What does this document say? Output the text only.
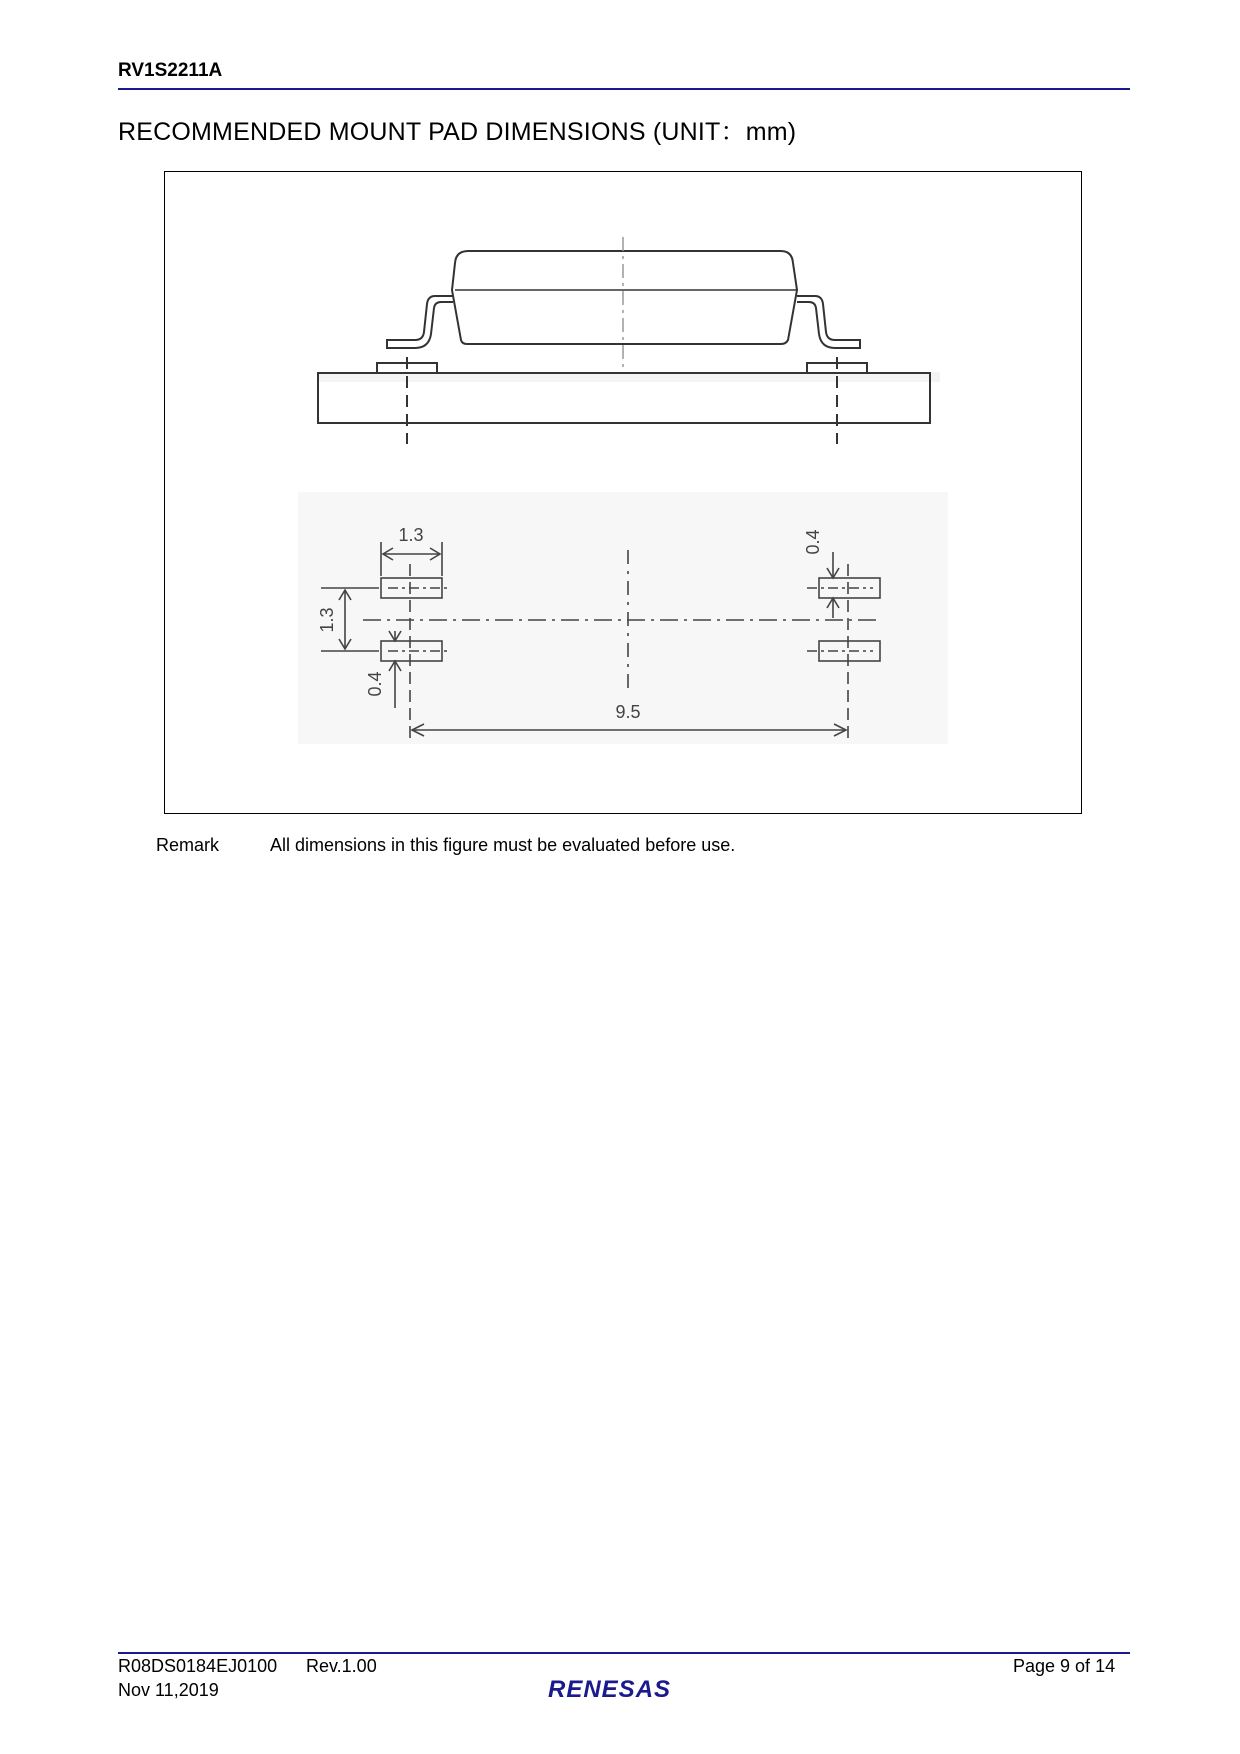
RV1S2211A
RECOMMENDED MOUNT PAD DIMENSIONS (UNIT：mm)
1.3
1.3
0.4
0.4
9.5
Remark	All dimensions in this figure must be evaluated before use.
R08DS0184EJ0100 Rev.1.00
Nov 11,2019
Page 9 of 14
RENESAS
